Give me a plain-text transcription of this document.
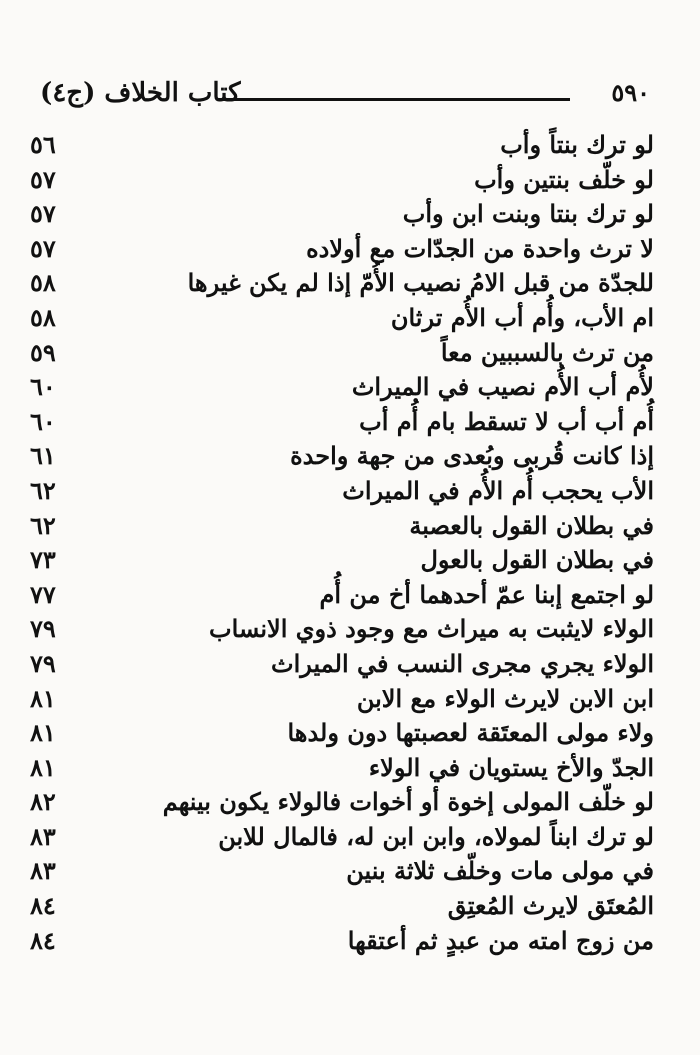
كتاب الخلاف (ج٤)	٥٩٠
لو ترك بنتاً وأب
٥٦
لو خلّف بنتين وأب
٥٧
لو ترك بنتا وبنت ابن وأب
٥٧
لا ترث واحدة من الجدّات مع أولاده
٥٧
للجدّة من قبل الامُ نصيب الأُمّ إذا لم يكن غيرها
٥٨
ام الأب، وأُم أب الأُم ترثان
٥٨
من ترث بالسببين معاً
٥٩
لأُم أب الأُم نصيب في الميراث
٦٠
أُم أب أب لا تسقط بام أُم أب
٦٠
إذا كانت قُربى وبُعدى من جهة واحدة
٦١
الأب يحجب أُم الأُم في الميراث
٦٢
في بطلان القول بالعصبة
٦٢
في بطلان القول بالعول
٧٣
لو اجتمع إبنا عمّ أحدهما أخ من أُم
٧٧
الولاء لايثبت به ميراث مع وجود ذوي الانساب
٧٩
الولاء يجري مجرى النسب في الميراث
٧٩
ابن الابن لايرث الولاء مع الابن
٨١
ولاء مولى المعتَقة لعصبتها دون ولدها
٨١
الجدّ والأخ يستويان في الولاء
٨١
لو خلّف المولى إخوة أو أخوات فالولاء يكون بينهم
٨٢
لو ترك ابناً لمولاه، وابن ابن له، فالمال للابن
٨٣
في مولى مات وخلّف ثلاثة بنين
٨٣
المُعتَق لايرث المُعتِق
٨٤
من زوج امته من عبدٍ ثم أعتقها
٨٤
